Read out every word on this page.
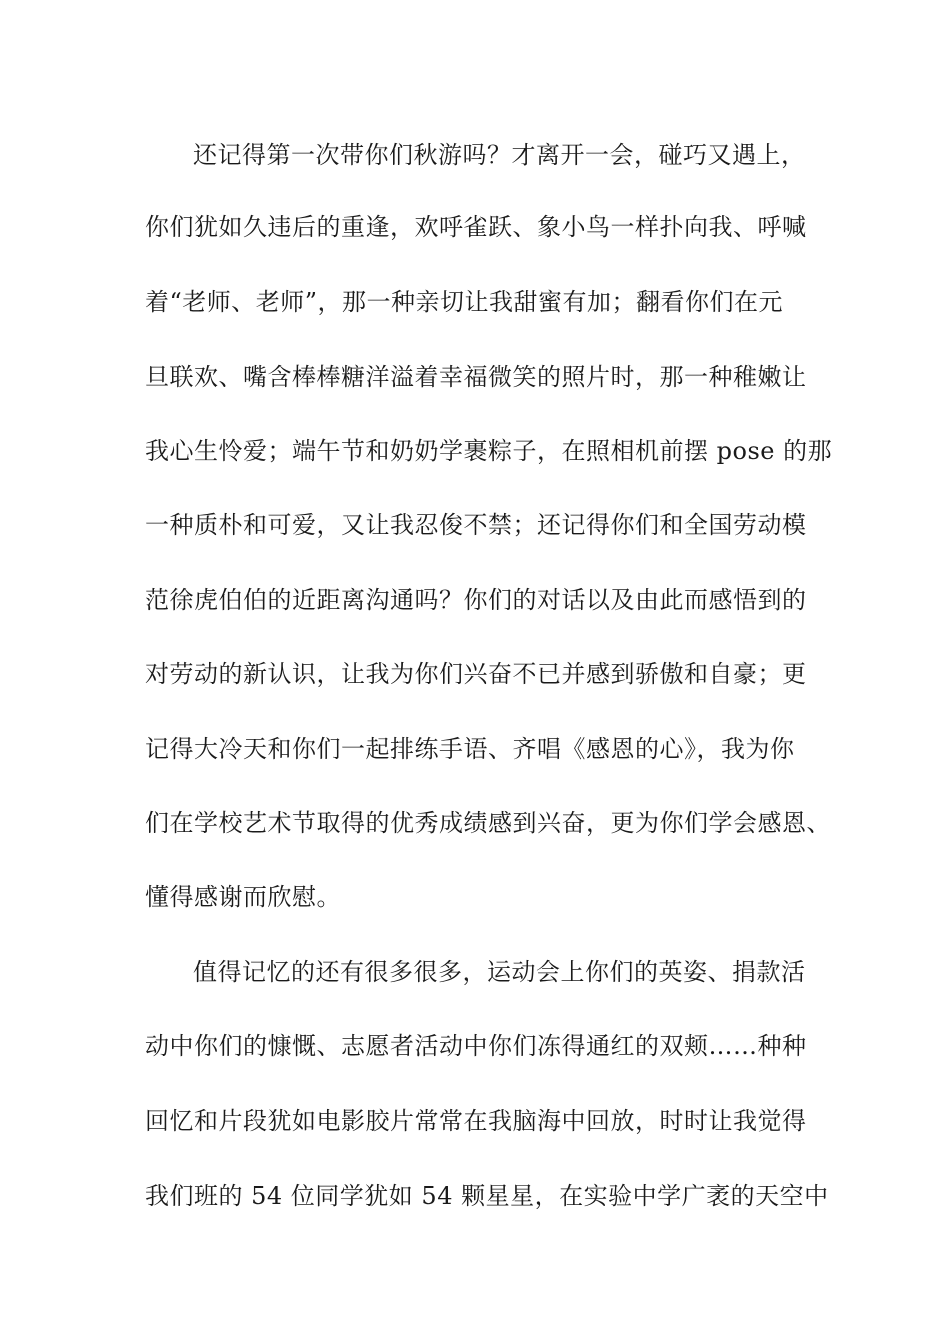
还记得第一次带你们秋游吗？才离开一会，碰巧又遇上，
你们犹如久违后的重逢，欢呼雀跃、象小鸟一样扑向我、呼喊
着“老师、老师”，那一种亲切让我甜蜜有加；翻看你们在元
旦联欢、嘴含棒棒糖洋溢着幸福微笑的照片时，那一种稚嫩让
我心生怜爱；端午节和奶奶学裹粽子，在照相机前摆 pose 的那
一种质朴和可爱，又让我忍俊不禁；还记得你们和全国劳动模
范徐虎伯伯的近距离沟通吗？你们的对话以及由此而感悟到的
对劳动的新认识，让我为你们兴奋不已并感到骄傲和自豪；更
记得大冷天和你们一起排练手语、齐唱《感恩的心》，我为你
们在学校艺术节取得的优秀成绩感到兴奋，更为你们学会感恩、
懂得感谢而欣慰。
值得记忆的还有很多很多，运动会上你们的英姿、捐款活
动中你们的慷慨、志愿者活动中你们冻得通红的双颊……种种
回忆和片段犹如电影胶片常常在我脑海中回放，时时让我觉得
我们班的 54 位同学犹如 54 颗星星，在实验中学广袤的天空中
